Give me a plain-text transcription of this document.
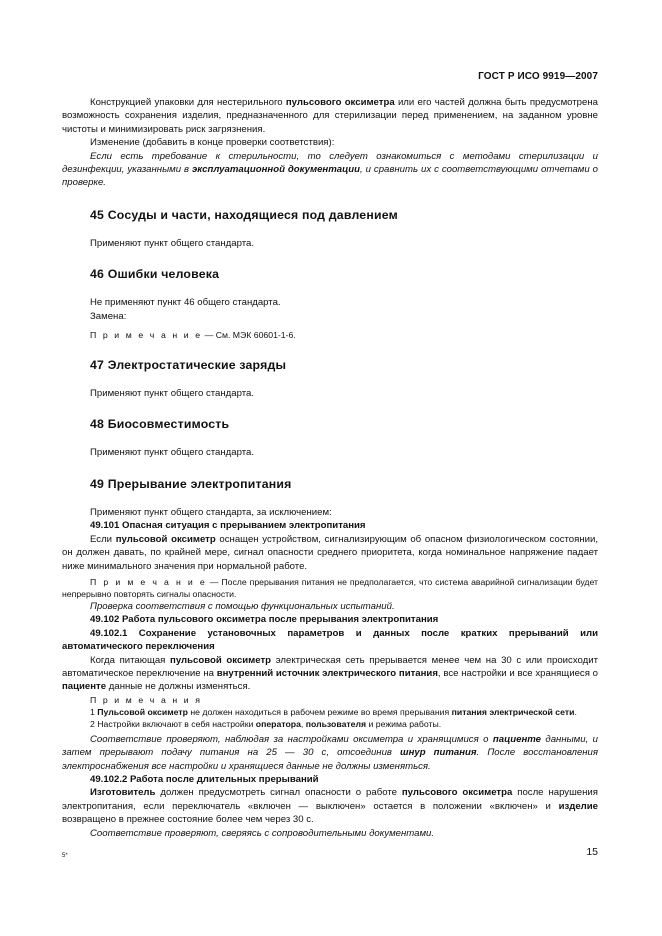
ГОСТ Р ИСО 9919—2007

Конструкцией упаковки для нестерильного пульсового оксиметра или его частей должна быть предусмотрена возможность сохранения изделия, предназначенного для стерилизации перед применением, на заданном уровне чистоты и минимизировать риск загрязнения.

Изменение (добавить в конце проверки соответствия):

Если есть требование к стерильности, то следует ознакомиться с методами стерилизации и дезинфекции, указанными в эксплуатационной документации, и сравнить их с соответствующими отчетами о проверке.

45 Сосуды и части, находящиеся под давлением

Применяют пункт общего стандарта.

46 Ошибки человека

Не применяют пункт 46 общего стандарта.

Замена:

П р и м е ч а н и е — См. МЭК 60601-1-6.

47 Электростатические заряды

Применяют пункт общего стандарта.

48 Биосовместимость

Применяют пункт общего стандарта.

49 Прерывание электропитания

Применяют пункт общего стандарта, за исключением:

49.101 Опасная ситуация с прерыванием электропитания

Если пульсовой оксиметр оснащен устройством, сигнализирующим об опасном физиологическом состоянии, он должен давать, по крайней мере, сигнал опасности среднего приоритета, когда номинальное напряжение падает ниже минимального значения при нормальной работе.

П р и м е ч а н и е — После прерывания питания не предполагается, что система аварийной сигнализации будет непрерывно повторять сигналы опасности.

Проверка соответствия с помощью функциональных испытаний.

49.102 Работа пульсового оксиметра после прерывания электропитания

49.102.1 Сохранение установочных параметров и данных после кратких прерываний или автоматического переключения

Когда питающая пульсовой оксиметр электрическая сеть прерывается менее чем на 30 с или происходит автоматическое переключение на внутренний источник электрического питания, все настройки и все хранящиеся о пациенте данные не должны изменяться.

П р и м е ч а н и я

1 Пульсовой оксиметр не должен находиться в рабочем режиме во время прерывания питания электрической сети.

2 Настройки включают в себя настройки оператора, пользователя и режима работы.

Соответствие проверяют, наблюдая за настройками оксиметра и хранящимися о пациенте данными, и затем прерывают подачу питания на 25 — 30 с, отсоединив шнур питания. После восстановления электроснабжения все настройки и хранящиеся данные не должны изменяться.

49.102.2 Работа после длительных прерываний

Изготовитель должен предусмотреть сигнал опасности о работе пульсового оксиметра после нарушения электропитания, если переключатель «включен — выключен» остается в положении «включен» и изделие возвращено в прежнее состояние более чем через 30 с.

Соответствие проверяют, сверяясь с сопроводительными документами.

5*	15
